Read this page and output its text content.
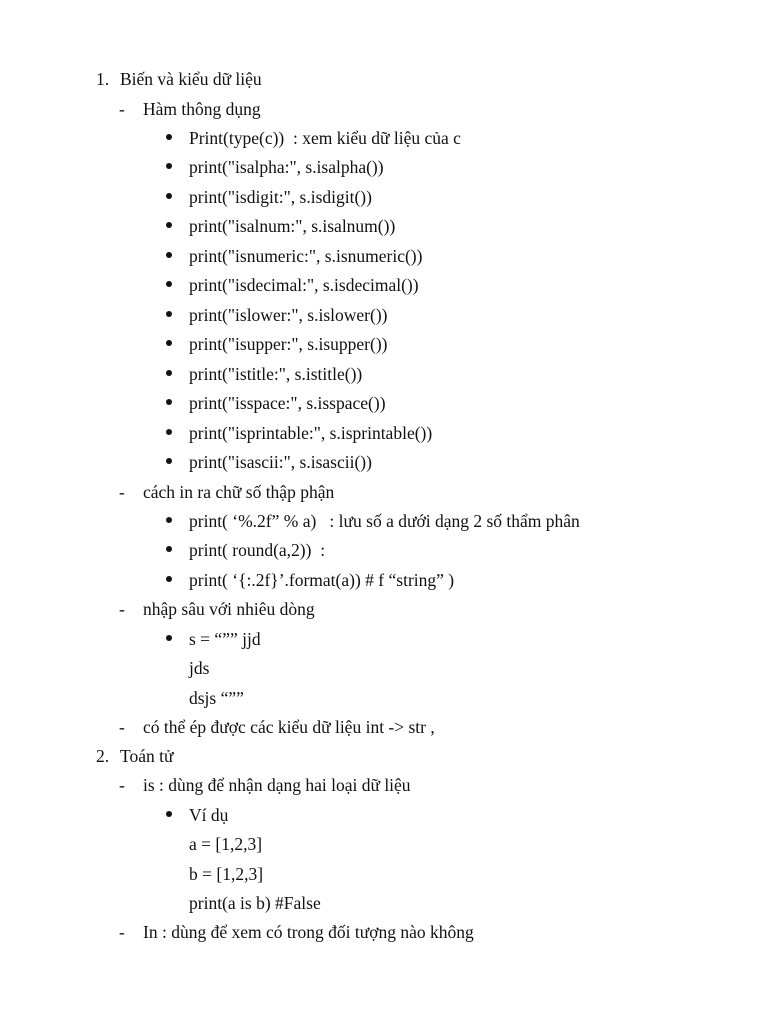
1. Biến và kiểu dữ liệu
- Hàm thông dụng
Print(type(c))  : xem kiểu dữ liệu của c
print("isalpha:", s.isalpha())
print("isdigit:", s.isdigit())
print("isalnum:", s.isalnum())
print("isnumeric:", s.isnumeric())
print("isdecimal:", s.isdecimal())
print("islower:", s.islower())
print("isupper:", s.isupper())
print("istitle:", s.istitle())
print("isspace:", s.isspace())
print("isprintable:", s.isprintable())
print("isascii:", s.isascii())
- cách in ra chữ số thập phận
print( ‘%.2f” % a)   : lưu số a dưới dạng 2 số thẩm phân
print( round(a,2))  :
print( ‘{:.2f}’.format(a)) # f “string” )
- nhập sâu với nhiêu dòng
s = “”” jjd
jds
dsjs “””
- có thể ép được các kiểu dữ liệu int -> str ,
2. Toán tử
- is : dùng để nhận dạng hai loại dữ liệu
Ví dụ
a = [1,2,3]
b = [1,2,3]
print(a is b) #False
- In : dùng để xem có trong đối tượng nào không
